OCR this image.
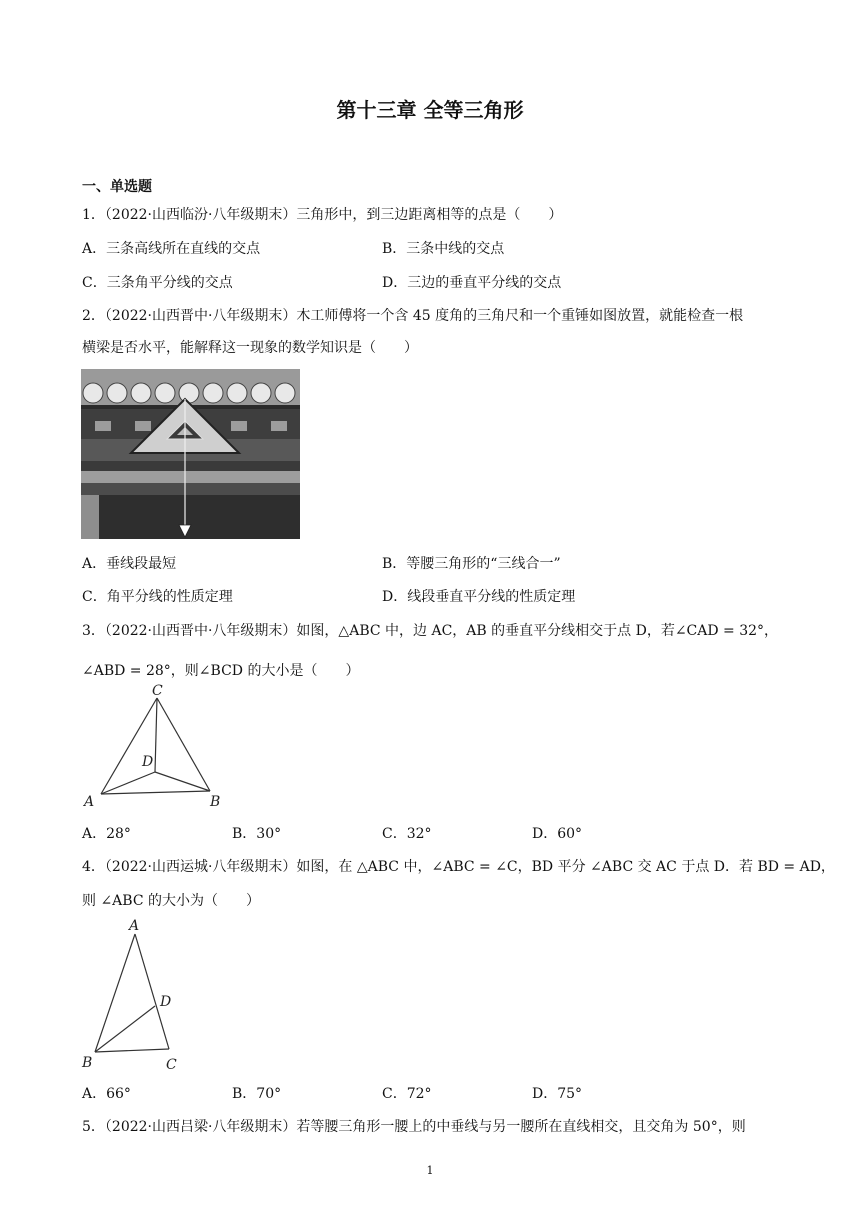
第十三章 全等三角形
一、单选题
1．（2022·山西临汾·八年级期末）三角形中，到三边距离相等的点是（　　）
A．三条高线所在直线的交点	B．三条中线的交点
C．三条角平分线的交点	D．三边的垂直平分线的交点
2．（2022·山西晋中·八年级期末）木工师傅将一个含 45 度角的三角尺和一个重锤如图放置，就能检查一根
横梁是否水平，能解释这一现象的数学知识是（　　）
A．垂线段最短	B．等腰三角形的“三线合一”
C．角平分线的性质定理	D．线段垂直平分线的性质定理
3．（2022·山西晋中·八年级期末）如图，△ABC 中，边 AC，AB 的垂直平分线相交于点 D，若∠CAD = 32°，
∠ABD = 28°，则∠BCD 的大小是（　　）
C
D
A	B
A．28°	B．30°	C．32°	D．60°
4．（2022·山西运城·八年级期末）如图，在 △ABC 中，∠ABC = ∠C，BD 平分 ∠ABC 交 AC 于点 D．若 BD = AD，
则 ∠ABC 的大小为（　　）
A
D
B	C
A．66°	B．70°	C．72°	D．75°
5．（2022·山西吕梁·八年级期末）若等腰三角形一腰上的中垂线与另一腰所在直线相交，且交角为 50°，则
1
